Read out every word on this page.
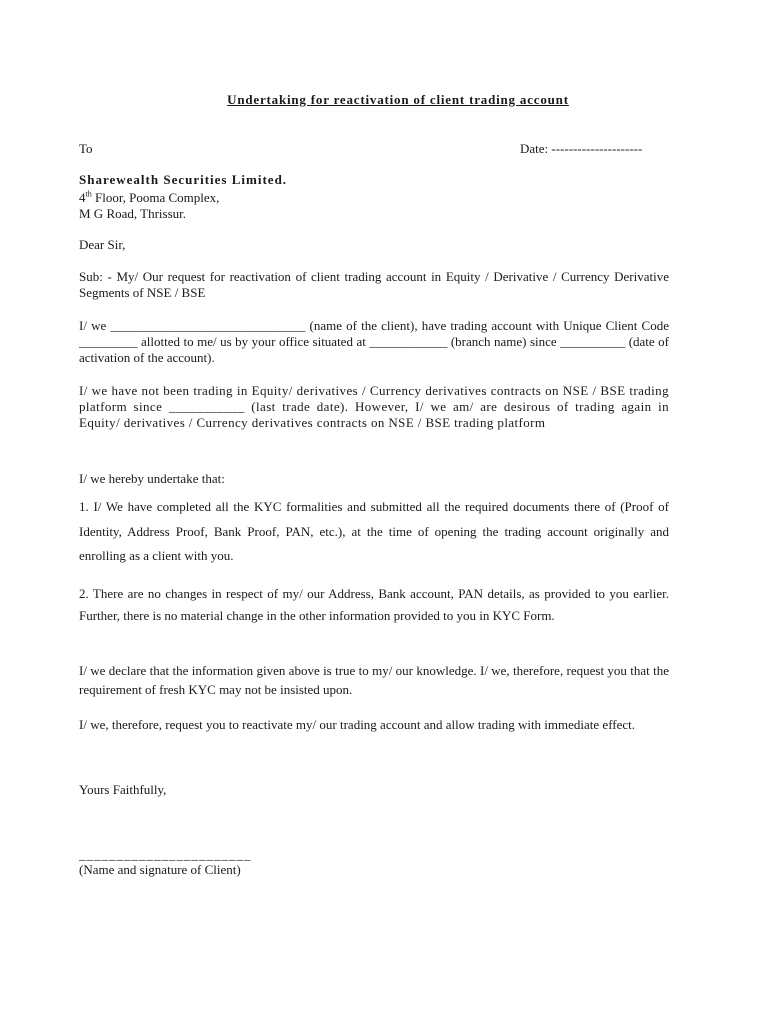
Undertaking for reactivation of client trading account
To	Date: ---------------------
Sharewealth Securities Limited.
4th Floor, Pooma Complex,
M G Road, Thrissur.
Dear Sir,
Sub: - My/ Our request for reactivation of client trading account in Equity / Derivative / Currency Derivative Segments of NSE / BSE
I/ we ______________________________ (name of the client), have trading account with Unique Client Code _________ allotted to me/ us by your office situated at ____________ (branch name) since __________ (date of activation of the account).
I/ we have not been trading in Equity/ derivatives / Currency derivatives contracts on NSE / BSE trading platform since ___________ (last trade date). However, I/ we am/ are desirous of trading again in Equity/ derivatives / Currency derivatives contracts on NSE / BSE trading platform
I/ we hereby undertake that:
1. I/ We have completed all the KYC formalities and submitted all the required documents there of (Proof of Identity, Address Proof, Bank Proof, PAN, etc.), at the time of opening the trading account originally and enrolling as a client with you.
2. There are no changes in respect of my/ our Address, Bank account, PAN details, as provided to you earlier. Further, there is no material change in the other information provided to you in KYC Form.
I/ we declare that the information given above is true to my/ our knowledge. I/ we, therefore, request you that the requirement of fresh KYC may not be insisted upon.
I/ we, therefore, request you to reactivate my/ our trading account and allow trading with immediate effect.
Yours Faithfully,
_______________________
(Name and signature of Client)
